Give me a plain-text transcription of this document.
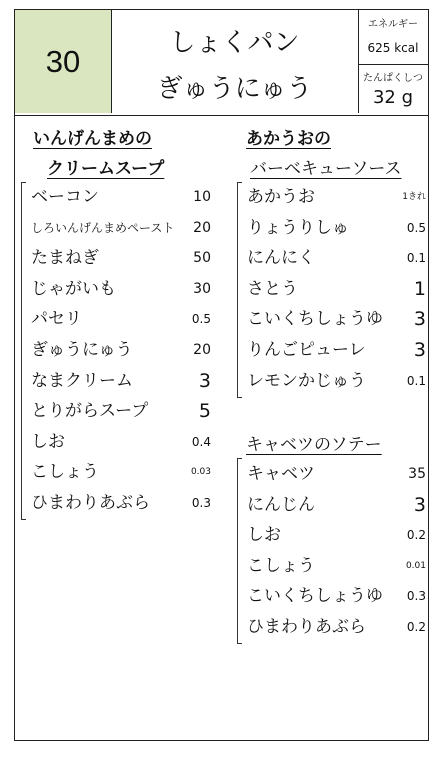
30
しょくパン
ぎゅうにゅう
エネルギー
625 kcal
たんぱくしつ
32 g
いんげんまめの
クリームスープ
ベーコン	10
しろいんげんまめペースト 20
たまねぎ	50
じゃがいも	30
パセリ	0.5
ぎゅうにゅう	20
なまクリーム	3
とりがらスープ	5
しお	0.4
こしょう	0.03
ひまわりあぶら	0.3
あかうおの
バーベキューソース
あかうお	1きれ
りょうりしゅ	0.5
にんにく	0.1
さとう	1
こいくちしょうゆ 3
りんごピューレ	3
レモンかじゅう	0.1
キャベツのソテー
キャベツ	35
にんじん	3
しお	0.2
こしょう	0.01
こいくちしょうゆ 0.3
ひまわりあぶら	0.2
